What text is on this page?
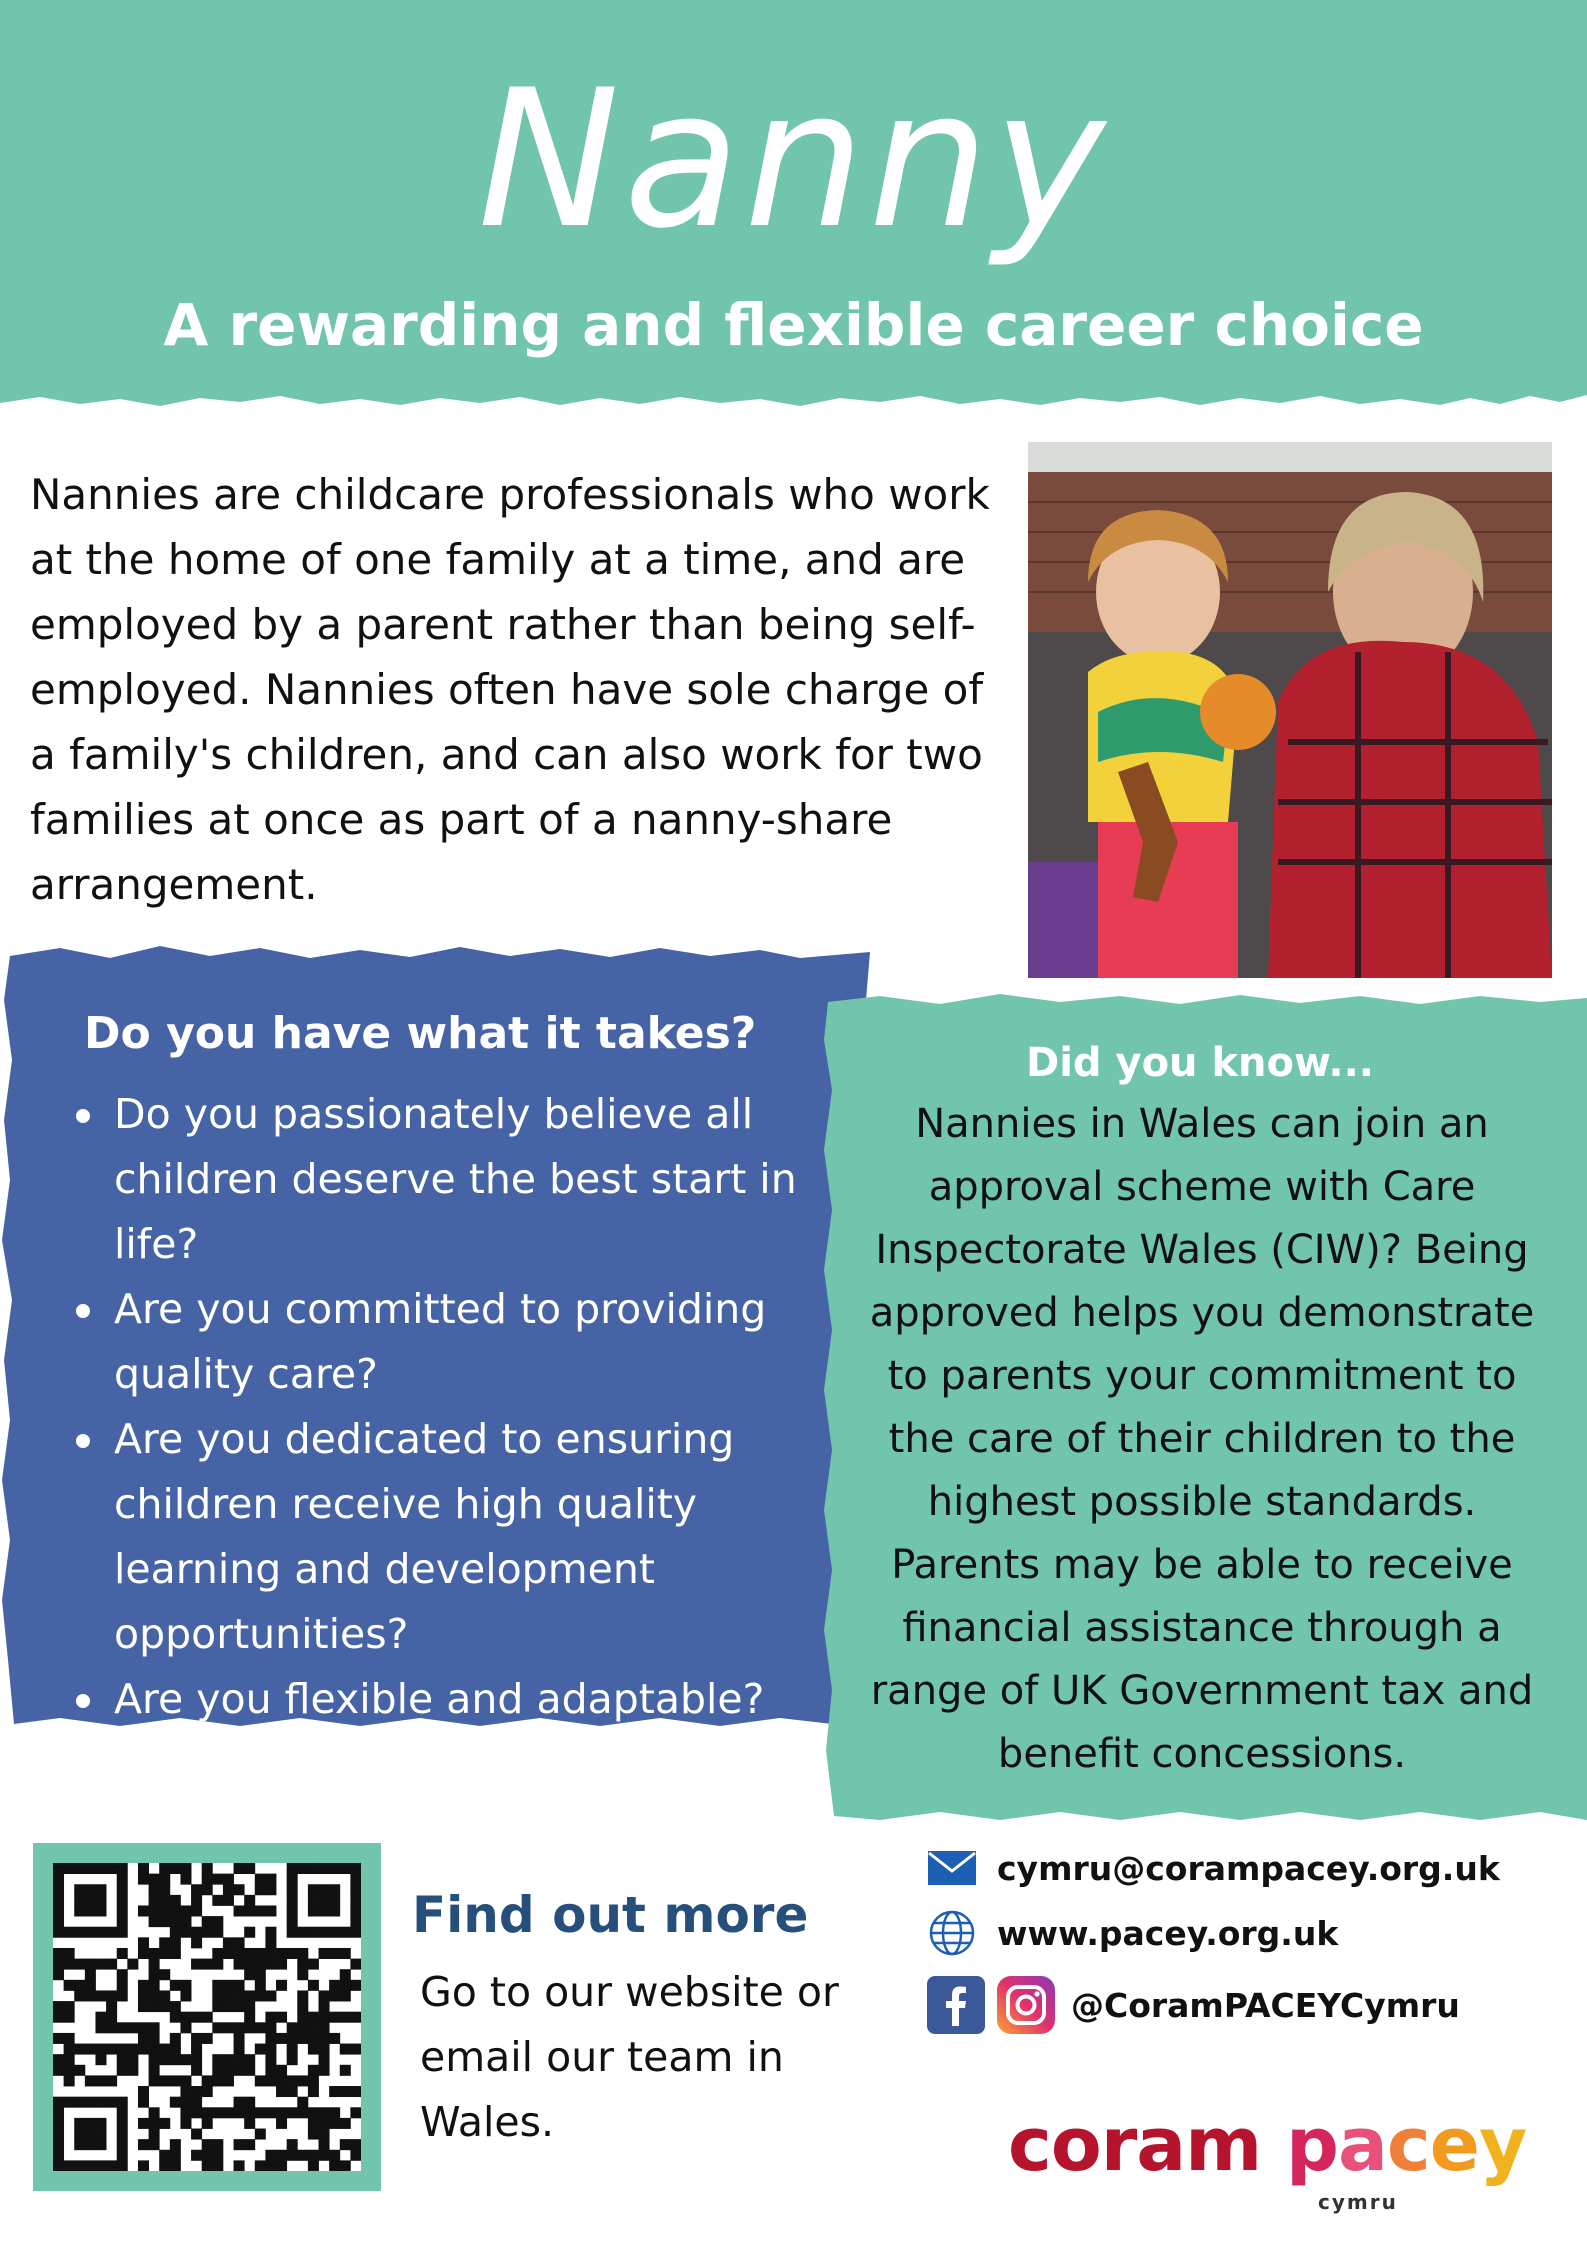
Nanny
A rewarding and flexible career choice

Nannies are childcare professionals who work at the home of one family at a time, and are employed by a parent rather than being self-employed. Nannies often have sole charge of a family's children, and can also work for two families at once as part of a nanny-share arrangement.

Do you have what it takes?
Do you passionately believe all children deserve the best start in life?
Are you committed to providing quality care?
Are you dedicated to ensuring children receive high quality learning and development opportunities?
Are you flexible and adaptable?
Did you know...

Nannies in Wales can join an approval scheme with Care Inspectorate Wales (CIW)? Being approved helps you demonstrate to parents your commitment to the care of their children to the highest possible standards. Parents may be able to receive financial assistance through a range of UK Government tax and benefit concessions.

Find out more

Go to our website or email our team in Wales.

cymru@corampacey.org.uk
www.pacey.org.uk
@CoramPACEYCymru
coram pacey
cymru
